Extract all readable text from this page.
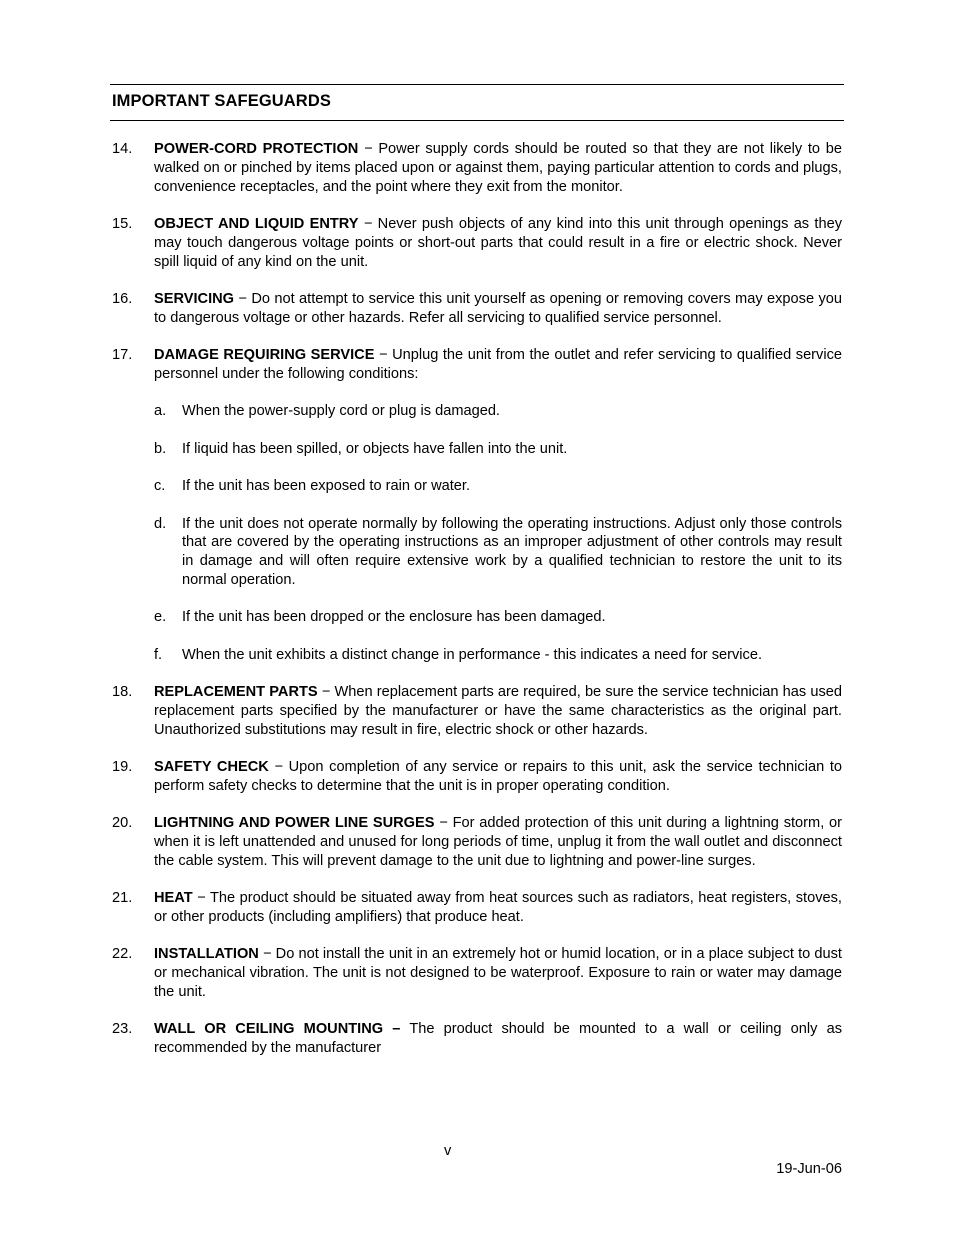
IMPORTANT SAFEGUARDS
14.	POWER-CORD PROTECTION − Power supply cords should be routed so that they are not likely to be walked on or pinched by items placed upon or against them, paying particular attention to cords and plugs, convenience receptacles, and the point where they exit from the monitor.
15.	OBJECT AND LIQUID ENTRY − Never push objects of any kind into this unit through openings as they may touch dangerous voltage points or short-out parts that could result in a fire or electric shock. Never spill liquid of any kind on the unit.
16.	SERVICING − Do not attempt to service this unit yourself as opening or removing covers may expose you to dangerous voltage or other hazards. Refer all servicing to qualified service personnel.
17.	DAMAGE REQUIRING SERVICE − Unplug the unit from the outlet and refer servicing to qualified service personnel under the following conditions:
a.	When the power-supply cord or plug is damaged.
b.	If liquid has been spilled, or objects have fallen into the unit.
c.	If the unit has been exposed to rain or water.
d.	If the unit does not operate normally by following the operating instructions. Adjust only those controls that are covered by the operating instructions as an improper adjustment of other controls may result in damage and will often require extensive work by a qualified technician to restore the unit to its normal operation.
e.	If the unit has been dropped or the enclosure has been damaged.
f.	When the unit exhibits a distinct change in performance - this indicates a need for service.
18.	REPLACEMENT PARTS − When replacement parts are required, be sure the service technician has used replacement parts specified by the manufacturer or have the same characteristics as the original part. Unauthorized substitutions may result in fire, electric shock or other hazards.
19.	SAFETY CHECK − Upon completion of any service or repairs to this unit, ask the service technician to perform safety checks to determine that the unit is in proper operating condition.
20.	LIGHTNING AND POWER LINE SURGES − For added protection of this unit during a lightning storm, or when it is left unattended and unused for long periods of time, unplug it from the wall outlet and disconnect the cable system. This will prevent damage to the unit due to lightning and power-line surges.
21.	HEAT − The product should be situated away from heat sources such as radiators, heat registers, stoves, or other products (including amplifiers) that produce heat.
22.	INSTALLATION − Do not install the unit in an extremely hot or humid location, or in a place subject to dust or mechanical vibration. The unit is not designed to be waterproof. Exposure to rain or water may damage the unit.
23.	WALL OR CEILING MOUNTING – The product should be mounted to a wall or ceiling only as recommended by the manufacturer
v
19-Jun-06
